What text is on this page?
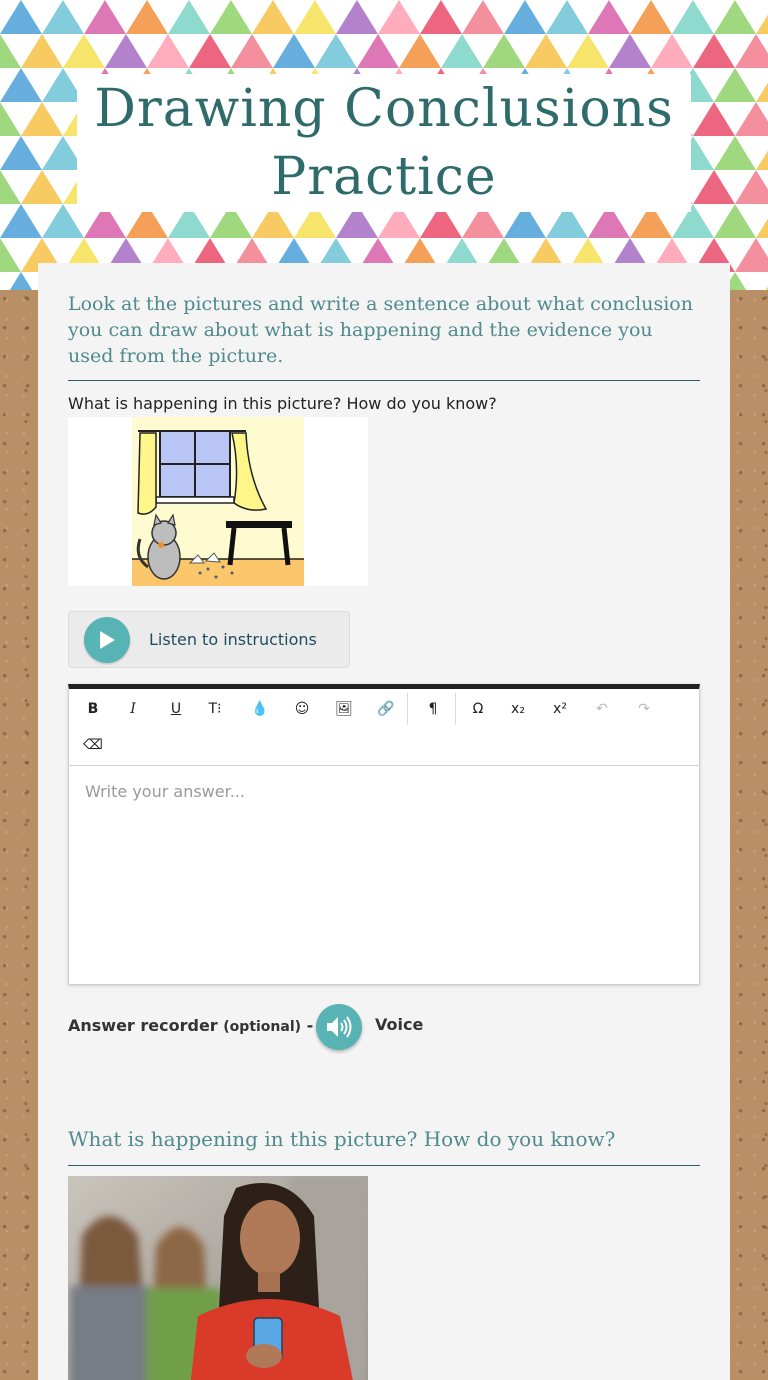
Drawing Conclusions Practice

Look at the pictures and write a sentence about what conclusion you can draw about what is happening and the evidence you used from the picture.

What is happening in this picture? How do you know?
Listen to instructions
B	I	U	T⁝	💧	☺	🖼	🔗	¶	Ω	x₂	x²	↶	↷
⌫
Write your answer...
Answer recorder (optional) -	Voice
What is happening in this picture? How do you know?
